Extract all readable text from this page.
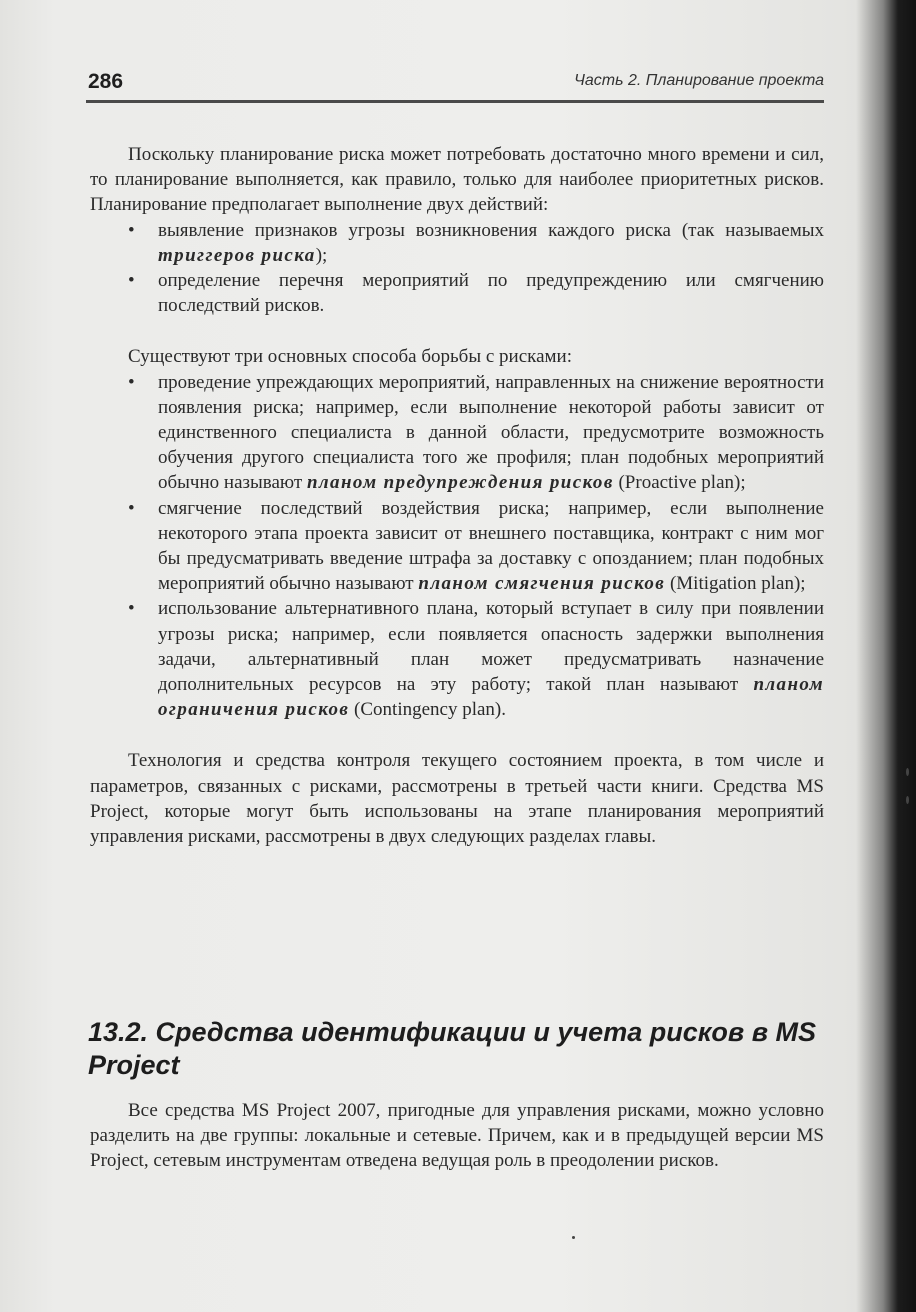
286	Часть 2. Планирование проекта

Поскольку планирование риска может потребовать достаточно много времени и сил, то планирование выполняется, как правило, только для наиболее приоритетных рисков. Планирование предполагает выполнение двух действий:

• выявление признаков угрозы возникновения каждого риска (так называемых триггеров риска);
• определение перечня мероприятий по предупреждению или смягчению последствий рисков.

Существуют три основных способа борьбы с рисками:

• проведение упреждающих мероприятий, направленных на снижение вероятности появления риска; например, если выполнение некоторой работы зависит от единственного специалиста в данной области, предусмотрите возможность обучения другого специалиста того же профиля; план подобных мероприятий обычно называют планом предупреждения рисков (Proactive plan);
• смягчение последствий воздействия риска; например, если выполнение некоторого этапа проекта зависит от внешнего поставщика, контракт с ним мог бы предусматривать введение штрафа за доставку с опозданием; план подобных мероприятий обычно называют планом смягчения рисков (Mitigation plan);
• использование альтернативного плана, который вступает в силу при появлении угрозы риска; например, если появляется опасность задержки выполнения задачи, альтернативный план может предусматривать назначение дополнительных ресурсов на эту работу; такой план называют планом ограничения рисков (Contingency plan).

Технология и средства контроля текущего состоянием проекта, в том числе и параметров, связанных с рисками, рассмотрены в третьей части книги. Средства MS Project, которые могут быть использованы на этапе планирования мероприятий управления рисками, рассмотрены в двух следующих разделах главы.

13.2. Средства идентификации и учета рисков в MS Project

Все средства MS Project 2007, пригодные для управления рисками, можно условно разделить на две группы: локальные и сетевые. Причем, как и в предыдущей версии MS Project, сетевым инструментам отведена ведущая роль в преодолении рисков.
